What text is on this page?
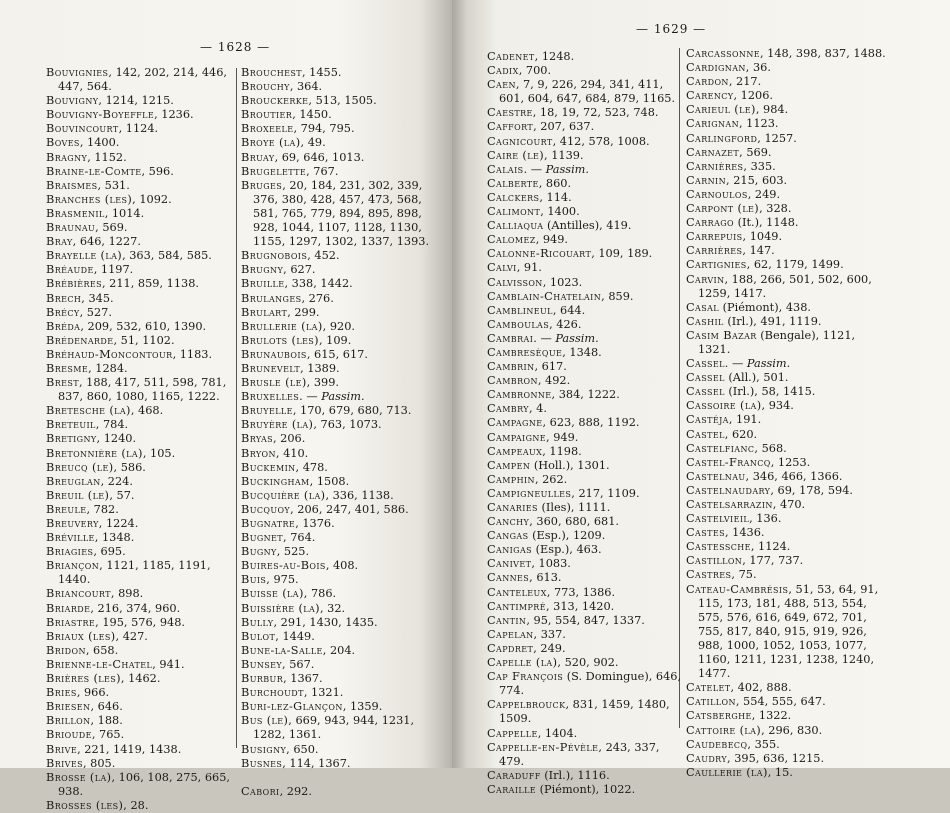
— 1628 —
Bouvignies, 142, 202, 214, 446, 447, 564.
Bouvigny, 1214, 1215.
Bouvigny-Boyeffle, 1236.
Bouvincourt, 1124.
Boves, 1400.
Bragny, 1152.
Braine-le-Comte, 596.
Braismes, 531.
Branches (les), 1092.
Brasmenil, 1014.
Braunau, 569.
Bray, 646, 1227.
Brayelle (la), 363, 584, 585.
Bréaude, 1197.
Brébières, 211, 859, 1138.
Brech, 345.
Brécy, 527.
Bréda, 209, 532, 610, 1390.
Brédenarde, 51, 1102.
Bréhaud-Moncontour, 1183.
Bresme, 1284.
Brest, 188, 417, 511, 598, 781, 837, 860, 1080, 1165, 1222.
Bretesche (la), 468.
Breteuil, 784.
Bretigny, 1240.
Bretonnière (la), 105.
Breucq (le), 586.
Breuglan, 224.
Breuil (le), 57.
Breule, 782.
Breuvery, 1224.
Bréville, 1348.
Briagies, 695.
Briançon, 1121, 1185, 1191, 1440.
Briancourt, 898.
Briarde, 216, 374, 960.
Briastre, 195, 576, 948.
Briaux (les), 427.
Bridon, 658.
Brienne-le-Chatel, 941.
Brières (les), 1462.
Bries, 966.
Briesen, 646.
Brillon, 188.
Brioude, 765.
Brive, 221, 1419, 1438.
Brives, 805.
Brosse (la), 106, 108, 275, 665, 938.
Brosses (les), 28.
Brouchest, 1455.
Brouchy, 364.
Brouckerke, 513, 1505.
Broutier, 1450.
Broxeele, 794, 795.
Broye (la), 49.
Bruay, 69, 646, 1013.
Brugelette, 767.
Bruges, 20, 184, 231, 302, 339, 376, 380, 428, 457, 473, 568, 581, 765, 779, 894, 895, 898, 928, 1044, 1107, 1128, 1130, 1155, 1297, 1302, 1337, 1393.
Brugnobois, 452.
Brugny, 627.
Bruille, 338, 1442.
Brulanges, 276.
Brulart, 299.
Brullerie (la), 920.
Brulots (les), 109.
Brunaubois, 615, 617.
Brunevelt, 1389.
Brusle (le), 399.
Bruxelles. — Passim.
Bruyelle, 170, 679, 680, 713.
Bruyère (la), 763, 1073.
Bryas, 206.
Bryon, 410.
Buckemin, 478.
Buckingham, 1508.
Bucquière (la), 336, 1138.
Bucquoy, 206, 247, 401, 586.
Bugnatre, 1376.
Bugnet, 764.
Bugny, 525.
Buires-au-Bois, 408.
Buis, 975.
Buisse (la), 786.
Buissière (la), 32.
Bully, 291, 1430, 1435.
Bulot, 1449.
Bune-la-Salle, 204.
Bunsey, 567.
Burbur, 1367.
Burchoudt, 1321.
Buri-lez-Glançon, 1359.
Bus (le), 669, 943, 944, 1231, 1282, 1361.
Busigny, 650.
Busnes, 114, 1367.

Cabori, 292.
— 1629 —
Cadenet, 1248.
Cadix, 700.
Caen, 7, 9, 226, 294, 341, 411, 601, 604, 647, 684, 879, 1165.
Caestre, 18, 19, 72, 523, 748.
Caffort, 207, 637.
Cagnicourt, 412, 578, 1008.
Caire (le), 1139.
Calais. — Passim.
Calberte, 860.
Calckers, 114.
Calimont, 1400.
Calliaqua (Antilles), 419.
Calomez, 949.
Calonne-Ricouart, 109, 189.
Calvi, 91.
Calvisson, 1023.
Camblain-Chatelain, 859.
Camblineul, 644.
Camboulas, 426.
Cambrai. — Passim.
Cambresèque, 1348.
Cambrin, 617.
Cambron, 492.
Cambronne, 384, 1222.
Cambry, 4.
Campagne, 623, 888, 1192.
Campaigne, 949.
Campeaux, 1198.
Campen (Holl.), 1301.
Camphin, 262.
Campigneulles, 217, 1109.
Canaries (Iles), 1111.
Canchy, 360, 680, 681.
Cangas (Esp.), 1209.
Canigas (Esp.), 463.
Canivet, 1083.
Cannes, 613.
Canteleux, 773, 1386.
Cantimpré, 313, 1420.
Cantin, 95, 554, 847, 1337.
Capelan, 337.
Capdret, 249.
Capelle (la), 520, 902.
Cap François (S. Domingue), 646, 774.
Cappelbrouck, 831, 1459, 1480, 1509.
Cappelle, 1404.
Cappelle-en-Pévèle, 243, 337, 479.
Caraduff (Irl.), 1116.
Caraille (Piémont), 1022.
Carcassonne, 148, 398, 837, 1488.
Cardignan, 36.
Cardon, 217.
Carency, 1206.
Carieul (le), 984.
Carignan, 1123.
Carlingford, 1257.
Carnazet, 569.
Carnières, 335.
Carnin, 215, 603.
Carnoulos, 249.
Carpont (le), 328.
Carrago (It.), 1148.
Carrepuis, 1049.
Carrières, 147.
Cartignies, 62, 1179, 1499.
Carvin, 188, 266, 501, 502, 600, 1259, 1417.
Casal (Piémont), 438.
Cashil (Irl.), 491, 1119.
Casim Bazar (Bengale), 1121, 1321.
Cassel. — Passim.
Cassel (All.), 501.
Cassel (Irl.), 58, 1415.
Cassoire (la), 934.
Castéja, 191.
Castel, 620.
Castelfianc, 568.
Castel-Francq, 1253.
Castelnau, 346, 466, 1366.
Castelnaudary, 69, 178, 594.
Castelsarrazin, 470.
Castelvieil, 136.
Castes, 1436.
Castessche, 1124.
Castillon, 177, 737.
Castres, 75.
Cateau-Cambrésis, 51, 53, 64, 91, 115, 173, 181, 488, 513, 554, 575, 576, 616, 649, 672, 701, 755, 817, 840, 915, 919, 926, 988, 1000, 1052, 1053, 1077, 1160, 1211, 1231, 1238, 1240, 1477.
Catelet, 402, 888.
Catillon, 554, 555, 647.
Catsberghe, 1322.
Cattoire (la), 296, 830.
Caudebecq, 355.
Caudry, 395, 636, 1215.
Caullerie (la), 15.
